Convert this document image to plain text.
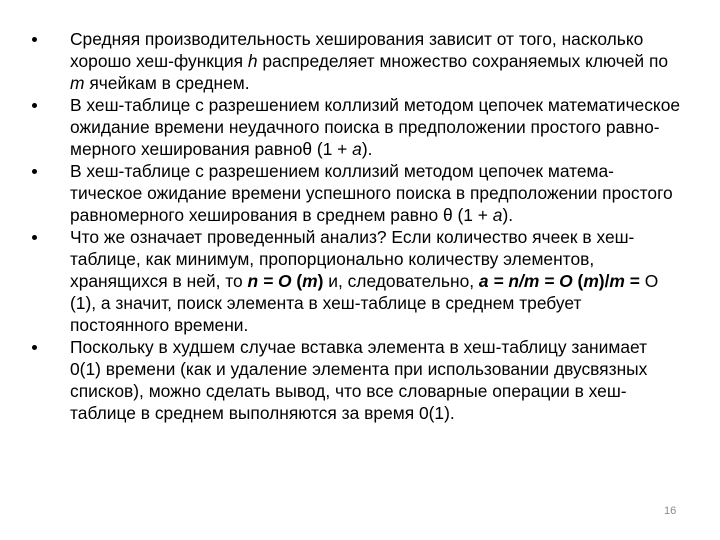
Средняя производительность хеширования зависит от того, насколько хорошо хеш-функция h распределяет множество сохраняемых ключей по m ячейкам в среднем.
В хеш-таблице с разрешением коллизий методом цепочек математическое ожидание времени неудачного поиска в предположении простого равно-мерного хеширования равноθ (1 + a).
В хеш-таблице с разрешением коллизий методом цепочек матема-тическое ожидание времени успешного поиска в предположении простого равномерного хеширования в среднем равно θ (1 + a).
Что же означает проведенный анализ? Если количество ячеек в хеш-таблице, как минимум, пропорционально количеству элементов, хранящихся в ней, то n = O (m) и, следовательно, a = n/m = O (m)/m = O (1), а значит, поиск элемента в хеш-таблице в среднем требует постоянного времени.
Поскольку в худшем случае вставка элемента в хеш-таблицу занимает 0(1) времени (как и удаление элемента при использовании двусвязных списков), можно сделать вывод, что все словарные операции в хеш-таблице в среднем выполняются за время 0(1).
16
